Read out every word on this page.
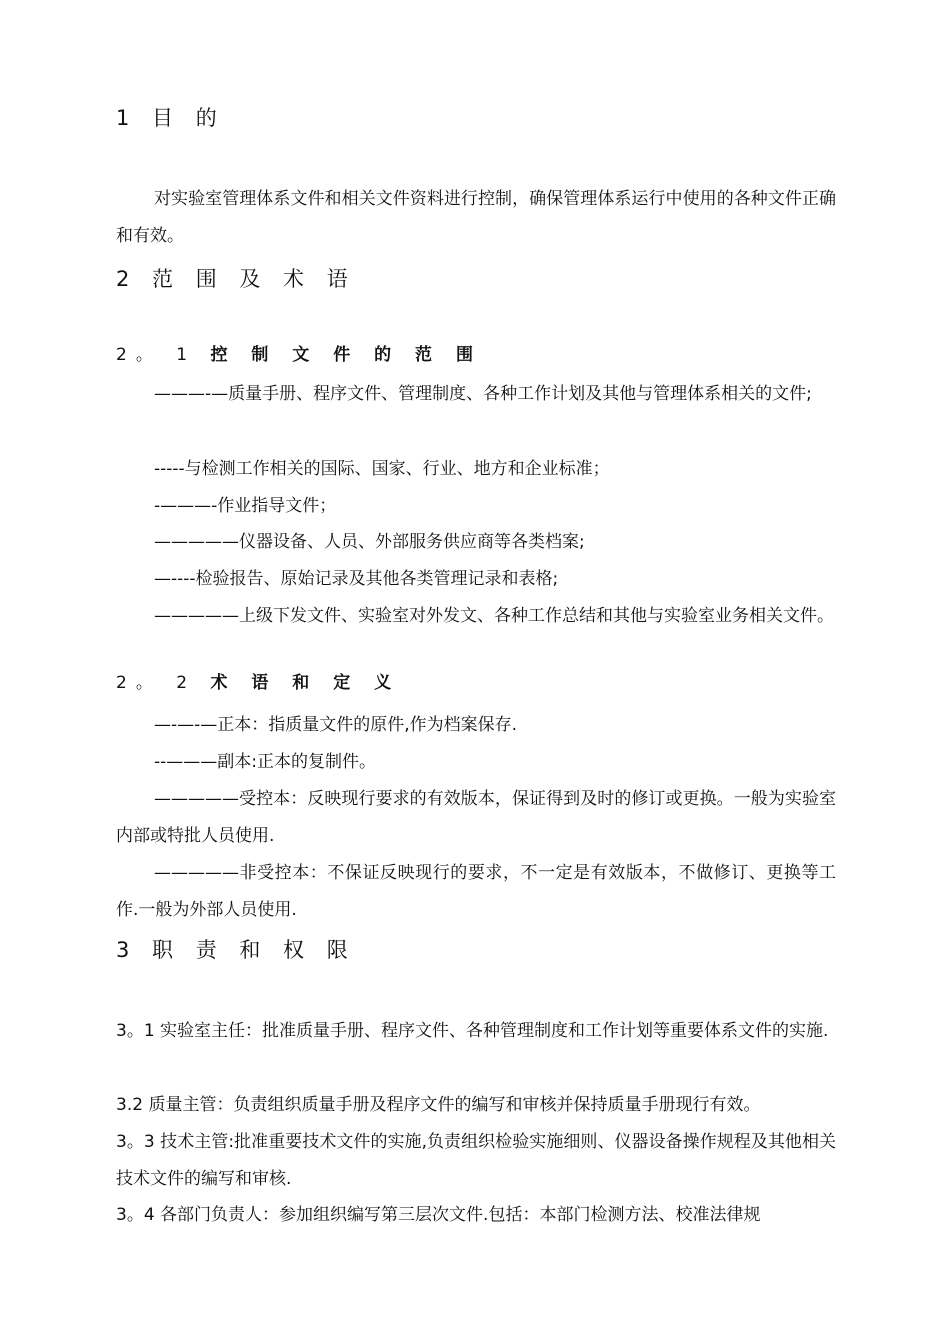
1 目 的
对实验室管理体系文件和相关文件资料进行控制，确保管理体系运行中使用的各种文件正确和有效。
2 范 围 及 术 语
2。 1 控 制 文 件 的 范 围
———-—质量手册、程序文件、管理制度、各种工作计划及其他与管理体系相关的文件;
-----与检测工作相关的国际、国家、行业、地方和企业标准；
-———-作业指导文件；
—————仪器设备、人员、外部服务供应商等各类档案;
—----检验报告、原始记录及其他各类管理记录和表格;
—————上级下发文件、实验室对外发文、各种工作总结和其他与实验室业务相关文件。
2。 2 术 语 和 定 义
—-—-—正本：指质量文件的原件,作为档案保存.
--———副本:正本的复制件。
—————受控本：反映现行要求的有效版本，保证得到及时的修订或更换。一般为实验室内部或特批人员使用.
—————非受控本：不保证反映现行的要求，不一定是有效版本，不做修订、更换等工作.一般为外部人员使用.
3 职 责 和 权 限
3。1 实验室主任：批准质量手册、程序文件、各种管理制度和工作计划等重要体系文件的实施.
3.2 质量主管：负责组织质量手册及程序文件的编写和审核并保持质量手册现行有效。
3。3 技术主管:批准重要技术文件的实施,负责组织检验实施细则、仪器设备操作规程及其他相关技术文件的编写和审核.
3。4 各部门负责人：参加组织编写第三层次文件.包括：本部门检测方法、校准法律规
